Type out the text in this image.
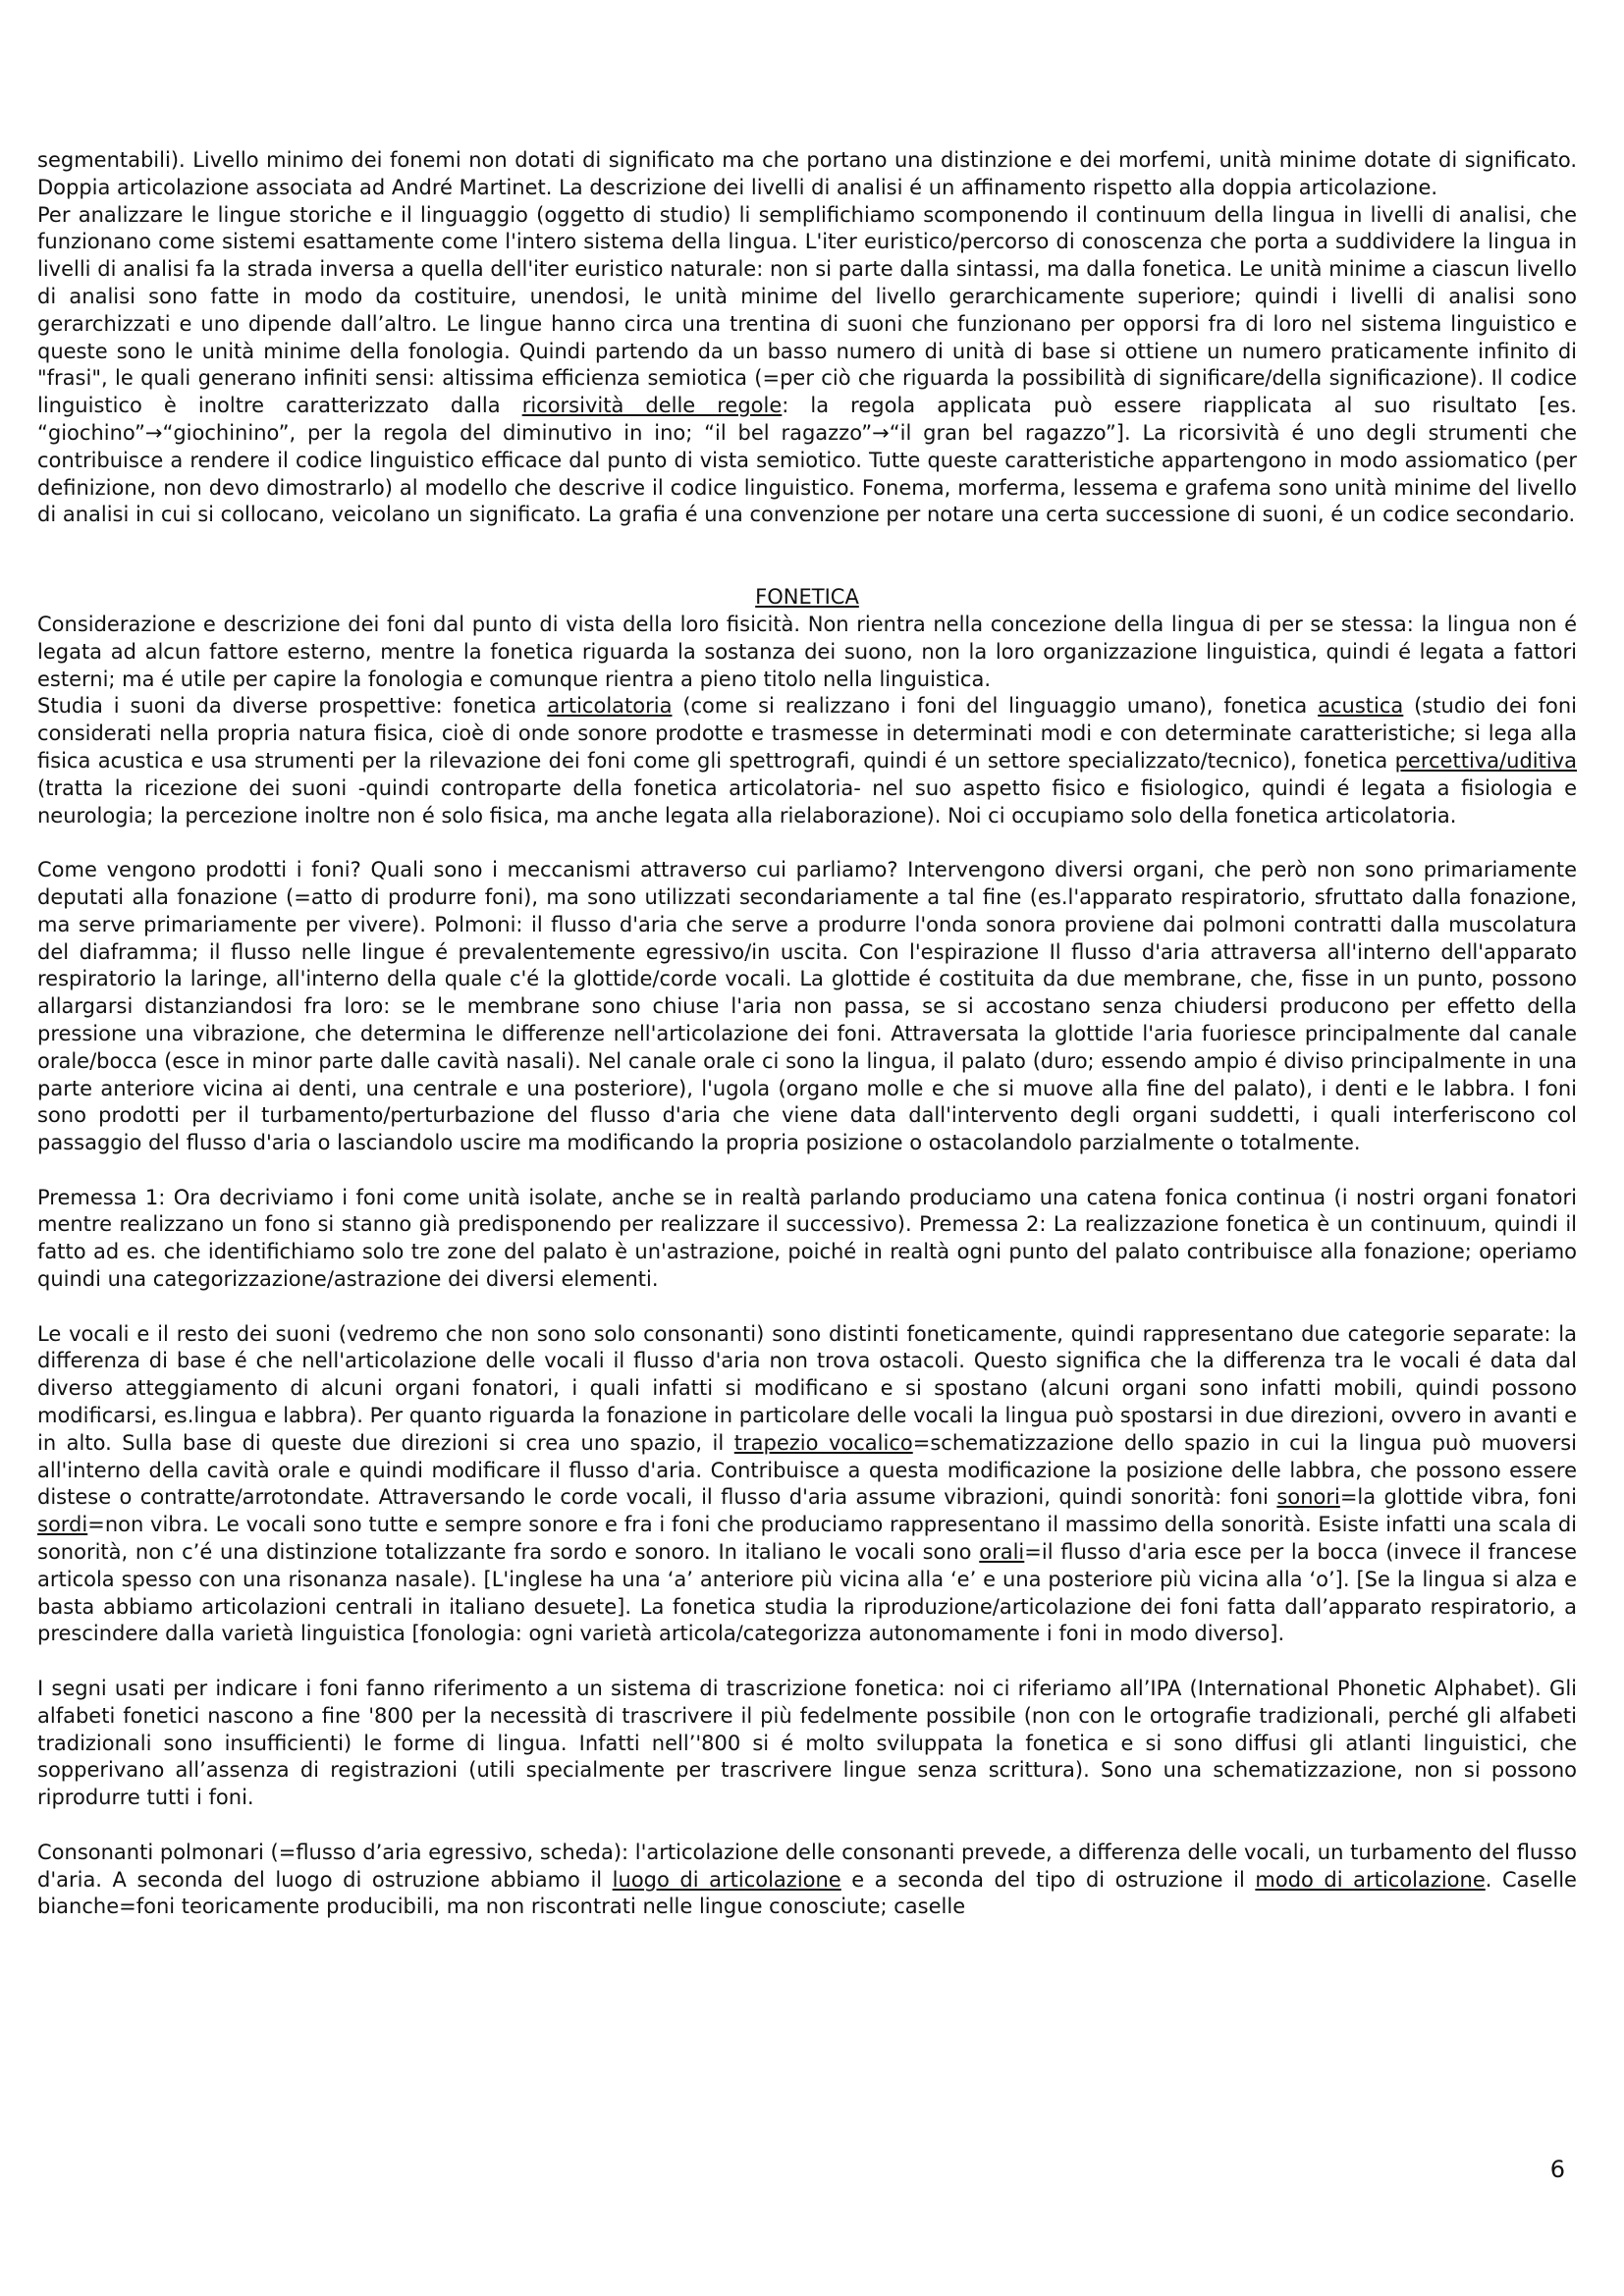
segmentabili). Livello minimo dei fonemi non dotati di significato ma che portano una distinzione e dei morfemi, unità minime dotate di significato. Doppia articolazione associata ad André Martinet. La descrizione dei livelli di analisi é un affinamento rispetto alla doppia articolazione.

Per analizzare le lingue storiche e il linguaggio (oggetto di studio) li semplifichiamo scomponendo il continuum della lingua in livelli di analisi, che funzionano come sistemi esattamente come l'intero sistema della lingua. L'iter euristico/percorso di conoscenza che porta a suddividere la lingua in livelli di analisi fa la strada inversa a quella dell'iter euristico naturale: non si parte dalla sintassi, ma dalla fonetica. Le unità minime a ciascun livello di analisi sono fatte in modo da costituire, unendosi, le unità minime del livello gerarchicamente superiore; quindi i livelli di analisi sono gerarchizzati e uno dipende dall’altro. Le lingue hanno circa una trentina di suoni che funzionano per opporsi fra di loro nel sistema linguistico e queste sono le unità minime della fonologia. Quindi partendo da un basso numero di unità di base si ottiene un numero praticamente infinito di "frasi", le quali generano infiniti sensi: altissima efficienza semiotica (=per ciò che riguarda la possibilità di significare/della significazione). Il codice linguistico è inoltre caratterizzato dalla ricorsività delle regole: la regola applicata può essere riapplicata al suo risultato [es. “giochino”→“giochinino”, per la regola del diminutivo in ino; “il bel ragazzo”→“il gran bel ragazzo”]. La ricorsività é uno degli strumenti che contribuisce a rendere il codice linguistico efficace dal punto di vista semiotico. Tutte queste caratteristiche appartengono in modo assiomatico (per definizione, non devo dimostrarlo) al modello che descrive il codice linguistico. Fonema, morferma, lessema e grafema sono unità minime del livello di analisi in cui si collocano, veicolano un significato. La grafia é una convenzione per notare una certa successione di suoni, é un codice secondario.

FONETICA

Considerazione e descrizione dei foni dal punto di vista della loro fisicità. Non rientra nella concezione della lingua di per se stessa: la lingua non é legata ad alcun fattore esterno, mentre la fonetica riguarda la sostanza dei suono, non la loro organizzazione linguistica, quindi é legata a fattori esterni; ma é utile per capire la fonologia e comunque rientra a pieno titolo nella linguistica.

Studia i suoni da diverse prospettive: fonetica articolatoria (come si realizzano i foni del linguaggio umano), fonetica acustica (studio dei foni considerati nella propria natura fisica, cioè di onde sonore prodotte e trasmesse in determinati modi e con determinate caratteristiche; si lega alla fisica acustica e usa strumenti per la rilevazione dei foni come gli spettrografi, quindi é un settore specializzato/tecnico), fonetica percettiva/uditiva (tratta la ricezione dei suoni -quindi controparte della fonetica articolatoria- nel suo aspetto fisico e fisiologico, quindi é legata a fisiologia e neurologia; la percezione inoltre non é solo fisica, ma anche legata alla rielaborazione). Noi ci occupiamo solo della fonetica articolatoria.

Come vengono prodotti i foni? Quali sono i meccanismi attraverso cui parliamo? Intervengono diversi organi, che però non sono primariamente deputati alla fonazione (=atto di produrre foni), ma sono utilizzati secondariamente a tal fine (es.l'apparato respiratorio, sfruttato dalla fonazione, ma serve primariamente per vivere). Polmoni: il flusso d'aria che serve a produrre l'onda sonora proviene dai polmoni contratti dalla muscolatura del diaframma; il flusso nelle lingue é prevalentemente egressivo/in uscita. Con l'espirazione Il flusso d'aria attraversa all'interno dell'apparato respiratorio la laringe, all'interno della quale c'é la glottide/corde vocali. La glottide é costituita da due membrane, che, fisse in un punto, possono allargarsi distanziandosi fra loro: se le membrane sono chiuse l'aria non passa, se si accostano senza chiudersi producono per effetto della pressione una vibrazione, che determina le differenze nell'articolazione dei foni. Attraversata la glottide l'aria fuoriesce principalmente dal canale orale/bocca (esce in minor parte dalle cavità nasali). Nel canale orale ci sono la lingua, il palato (duro; essendo ampio é diviso principalmente in una parte anteriore vicina ai denti, una centrale e una posteriore), l'ugola (organo molle e che si muove alla fine del palato), i denti e le labbra. I foni sono prodotti per il turbamento/perturbazione del flusso d'aria che viene data dall'intervento degli organi suddetti, i quali interferiscono col passaggio del flusso d'aria o lasciandolo uscire ma modificando la propria posizione o ostacolandolo parzialmente o totalmente.

Premessa 1: Ora decriviamo i foni come unità isolate, anche se in realtà parlando produciamo una catena fonica continua (i nostri organi fonatori mentre realizzano un fono si stanno già predisponendo per realizzare il successivo). Premessa 2: La realizzazione fonetica è un continuum, quindi il fatto ad es. che identifichiamo solo tre zone del palato è un'astrazione, poiché in realtà ogni punto del palato contribuisce alla fonazione; operiamo quindi una categorizzazione/astrazione dei diversi elementi.

Le vocali e il resto dei suoni (vedremo che non sono solo consonanti) sono distinti foneticamente, quindi rappresentano due categorie separate: la differenza di base é che nell'articolazione delle vocali il flusso d'aria non trova ostacoli. Questo significa che la differenza tra le vocali é data dal diverso atteggiamento di alcuni organi fonatori, i quali infatti si modificano e si spostano (alcuni organi sono infatti mobili, quindi possono modificarsi, es.lingua e labbra). Per quanto riguarda la fonazione in particolare delle vocali la lingua può spostarsi in due direzioni, ovvero in avanti e in alto. Sulla base di queste due direzioni si crea uno spazio, il trapezio vocalico=schematizzazione dello spazio in cui la lingua può muoversi all'interno della cavità orale e quindi modificare il flusso d'aria. Contribuisce a questa modificazione la posizione delle labbra, che possono essere distese o contratte/arrotondate. Attraversando le corde vocali, il flusso d'aria assume vibrazioni, quindi sonorità: foni sonori=la glottide vibra, foni sordi=non vibra. Le vocali sono tutte e sempre sonore e fra i foni che produciamo rappresentano il massimo della sonorità. Esiste infatti una scala di sonorità, non c’é una distinzione totalizzante fra sordo e sonoro. In italiano le vocali sono orali=il flusso d'aria esce per la bocca (invece il francese articola spesso con una risonanza nasale). [L'inglese ha una ‘a’ anteriore più vicina alla ‘e’ e una posteriore più vicina alla ‘o’]. [Se la lingua si alza e basta abbiamo articolazioni centrali in italiano desuete]. La fonetica studia la riproduzione/articolazione dei foni fatta dall’apparato respiratorio, a prescindere dalla varietà linguistica [fonologia: ogni varietà articola/categorizza autonomamente i foni in modo diverso].

I segni usati per indicare i foni fanno riferimento a un sistema di trascrizione fonetica: noi ci riferiamo all’IPA (International Phonetic Alphabet). Gli alfabeti fonetici nascono a fine '800 per la necessità di trascrivere il più fedelmente possibile (non con le ortografie tradizionali, perché gli alfabeti tradizionali sono insufficienti) le forme di lingua. Infatti nell’'800 si é molto sviluppata la fonetica e si sono diffusi gli atlanti linguistici, che sopperivano all’assenza di registrazioni (utili specialmente per trascrivere lingue senza scrittura). Sono una schematizzazione, non si possono riprodurre tutti i foni.

Consonanti polmonari (=flusso d’aria egressivo, scheda): l'articolazione delle consonanti prevede, a differenza delle vocali, un turbamento del flusso d'aria. A seconda del luogo di ostruzione abbiamo il luogo di articolazione e a seconda del tipo di ostruzione il modo di articolazione. Caselle bianche=foni teoricamente producibili, ma non riscontrati nelle lingue conosciute; caselle

6
